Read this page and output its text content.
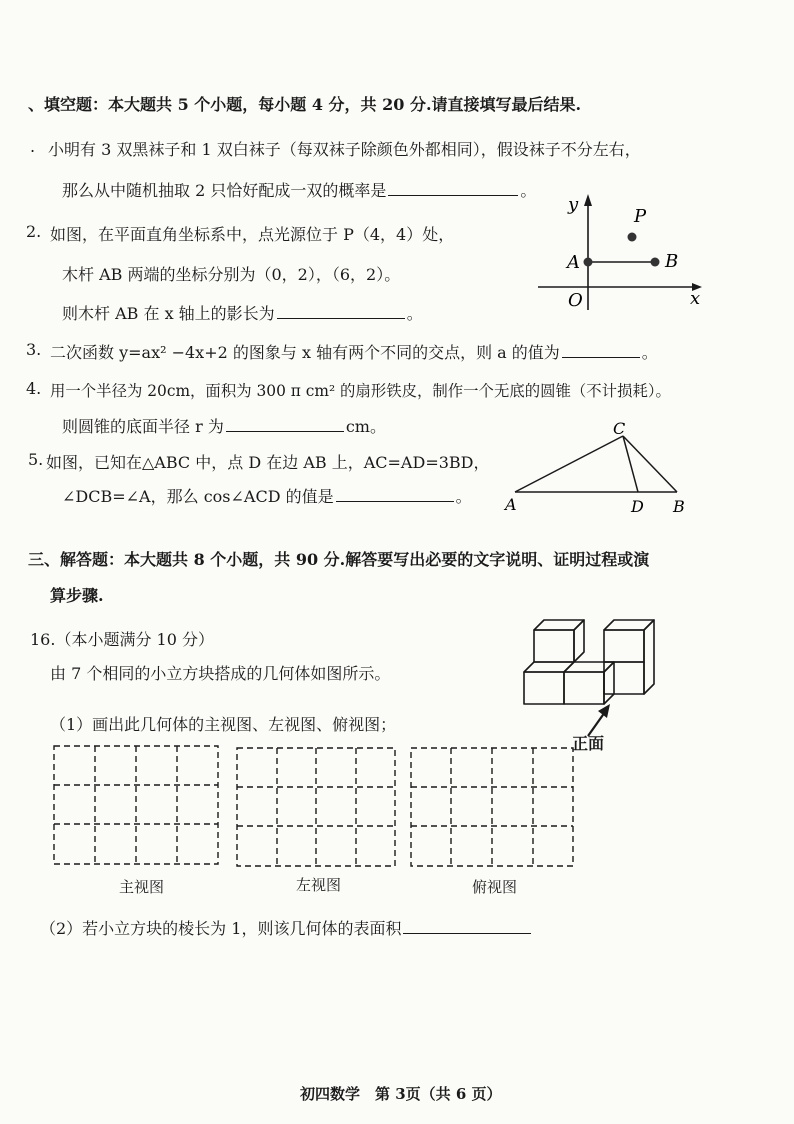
、填空题：本大题共 5 个小题，每小题 4 分，共 20 分.请直接填写最后结果.
. 小明有 3 双黑袜子和 1 双白袜子（每双袜子除颜色外都相同），假设袜子不分左右，
那么从中随机抽取 2 只恰好配成一双的概率是	。
2. 如图，在平面直角坐标系中，点光源位于 P（4，4）处，
木杆 AB 两端的坐标分别为（0，2），（6，2）。
则木杆 AB 在 x 轴上的影长为	。
y
x
P
A	B
O
3. 二次函数 y=ax² −4x+2 的图象与 x 轴有两个不同的交点，则 a 的值为	。
4. 用一个半径为 20cm，面积为 300 π cm² 的扇形铁皮，制作一个无底的圆锥（不计损耗）。
则圆锥的底面半径 r 为	cm。
5. 如图，已知在△ABC 中，点 D 在边 AB 上，AC=AD=3BD，
∠DCB=∠A，那么 cos∠ACD 的值是	。 A	B
C
D
三、解答题：本大题共 8 个小题，共 90 分.解答要写出必要的文字说明、证明过程或演
算步骤.
16.（本小题满分 10 分）
由 7 个相同的小立方块搭成的几何体如图所示。
（1）画出此几何体的主视图、左视图、俯视图；
正面
主视图	左视图	俯视图
（2）若小立方块的棱长为 1，则该几何体的表面积
初四数学　第 3页（共 6 页）
